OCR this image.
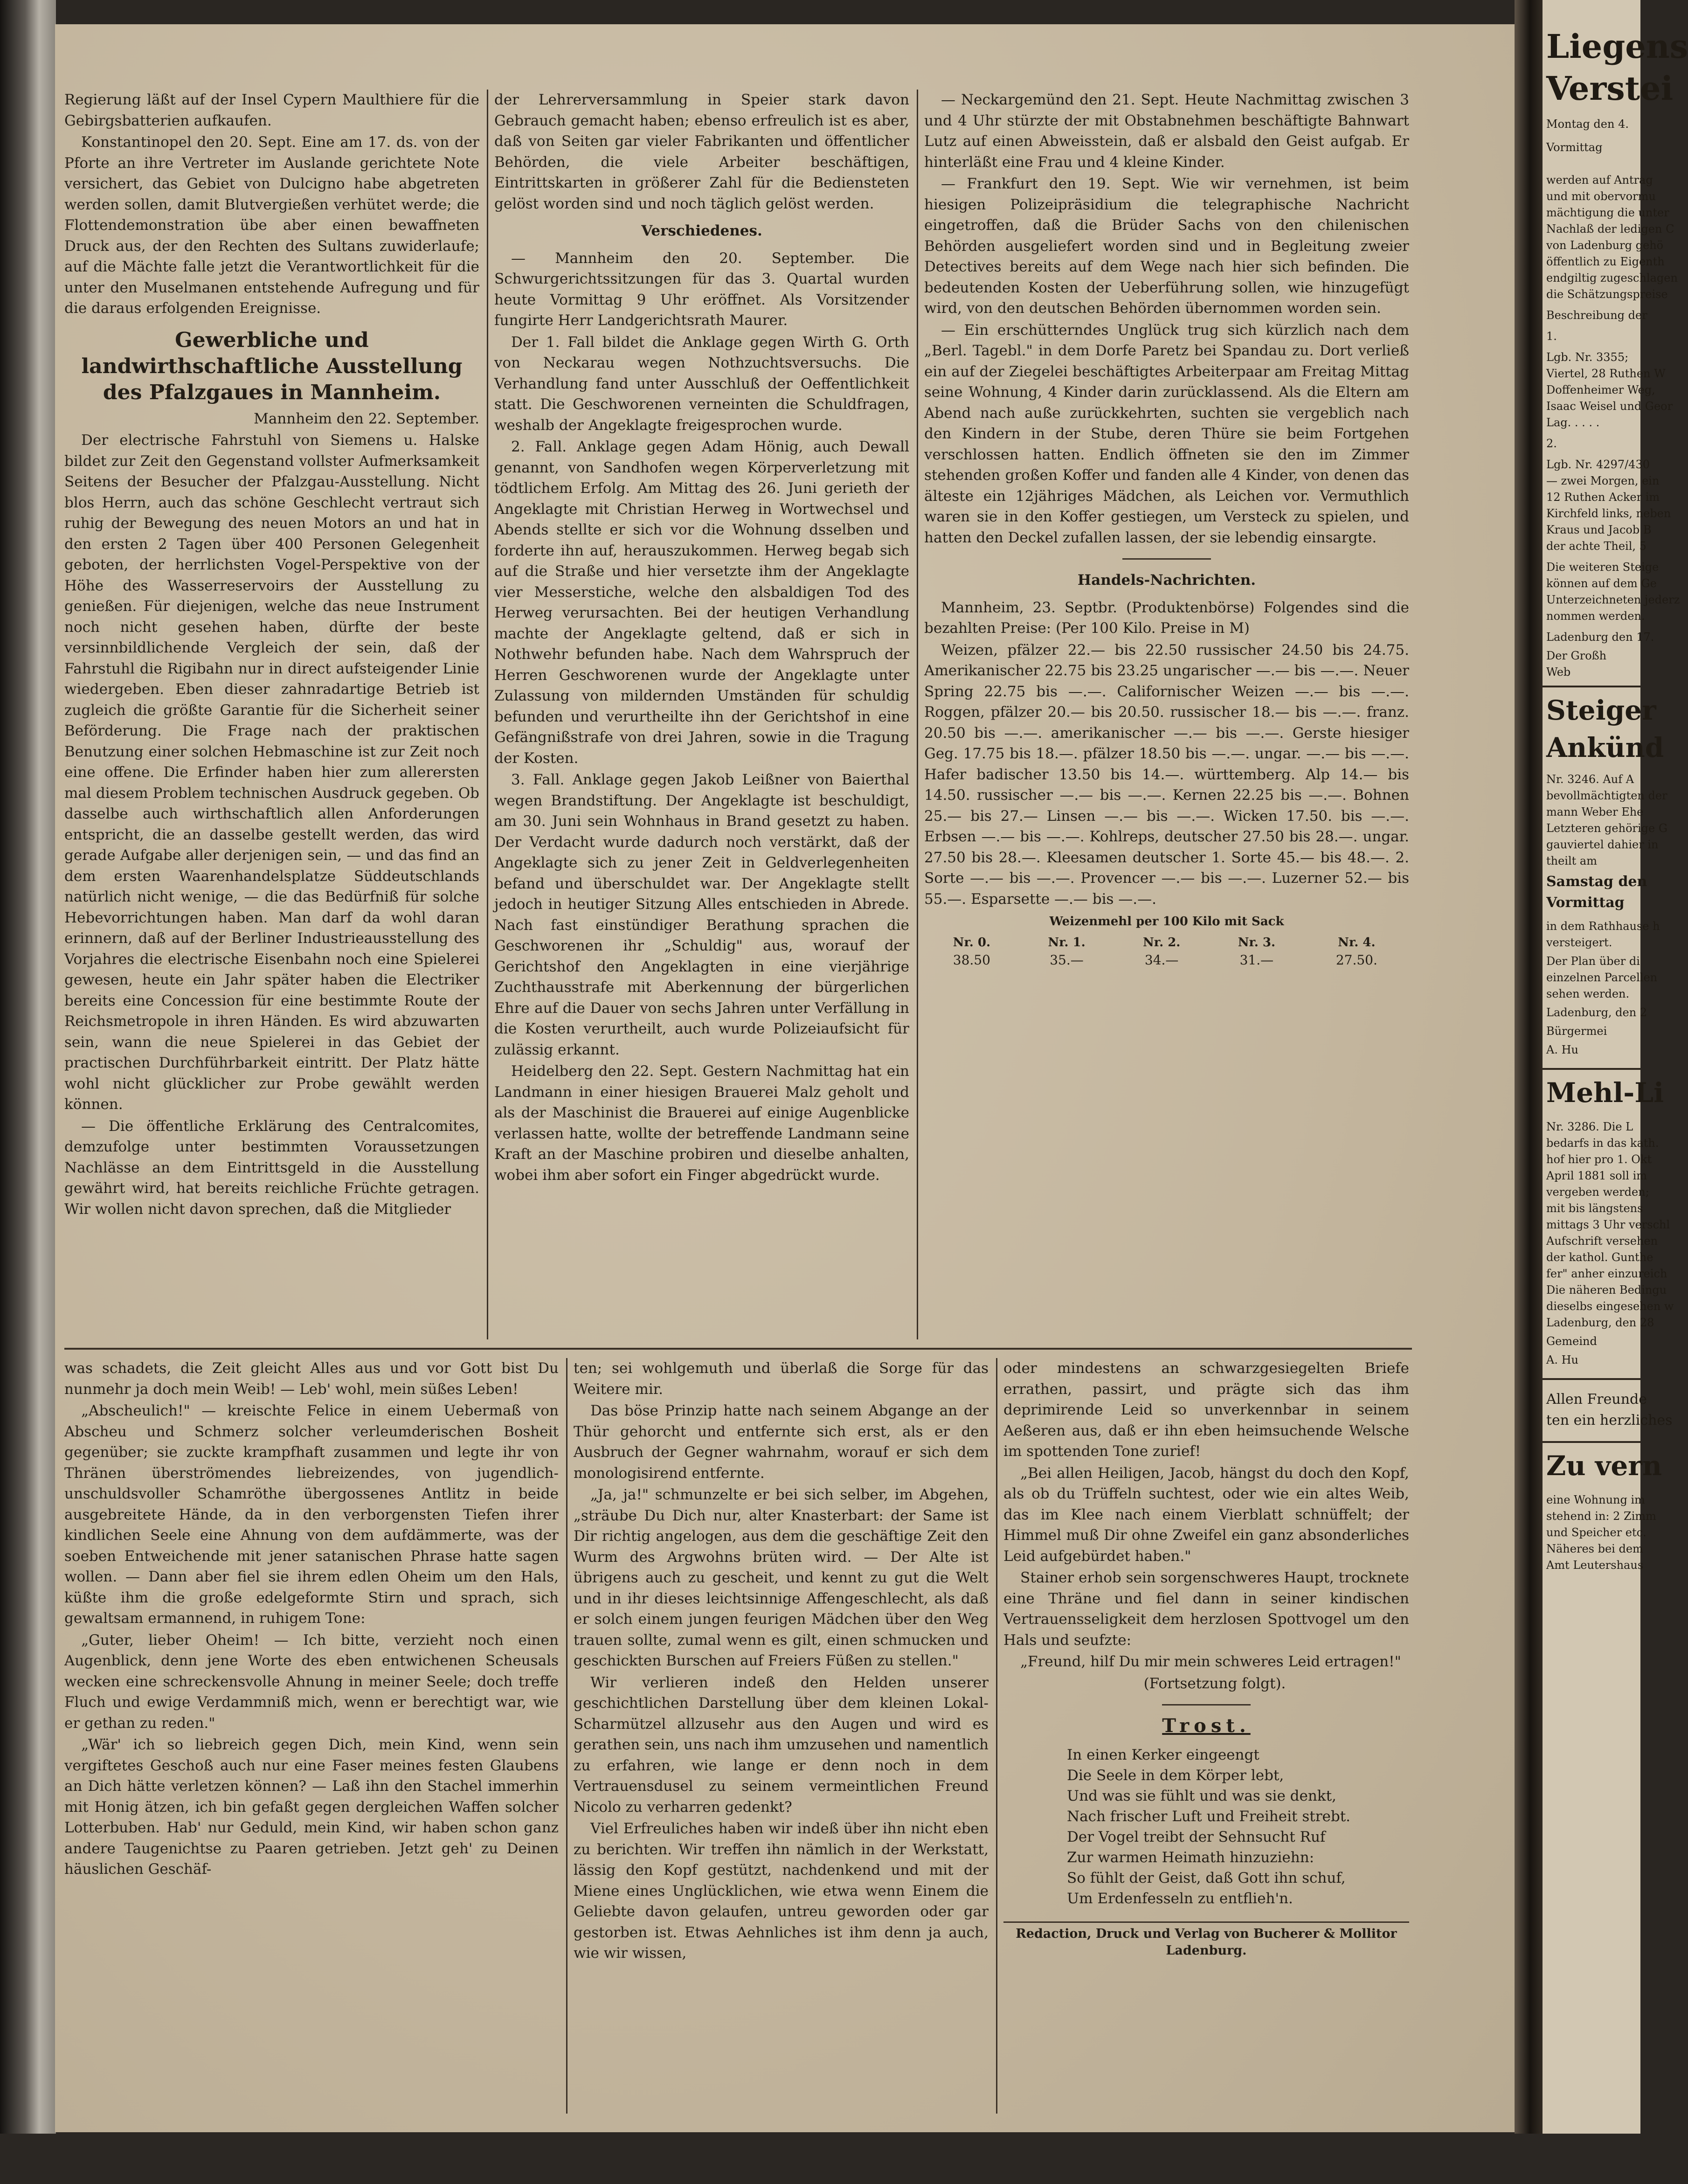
Regierung läßt auf der Insel Cypern Maulthiere für die Gebirgsbatterien aufkaufen.

Konstantinopel den 20. Sept. Eine am 17. ds. von der Pforte an ihre Vertreter im Auslande gerichtete Note versichert, das Gebiet von Dulcigno habe abgetreten werden sollen, damit Blutvergießen verhütet werde; die Flottendemonstration übe aber einen bewaffneten Druck aus, der den Rechten des Sultans zuwiderlaufe; auf die Mächte falle jetzt die Verantwortlichkeit für die unter den Muselmanen entstehende Aufregung und für die daraus erfolgenden Ereignisse.

Gewerbliche und landwirthschaftliche Ausstellung des Pfalzgaues in Mannheim.

Mannheim den 22. September.

Der electrische Fahrstuhl von Siemens u. Halske bildet zur Zeit den Gegenstand vollster Aufmerksamkeit Seitens der Besucher der Pfalzgau-Ausstellung. Nicht blos Herrn, auch das schöne Geschlecht vertraut sich ruhig der Bewegung des neuen Motors an und hat in den ersten 2 Tagen über 400 Personen Gelegenheit geboten, der herrlichsten Vogel-Perspektive von der Höhe des Wasserreservoirs der Ausstellung zu genießen. Für diejenigen, welche das neue Instrument noch nicht gesehen haben, dürfte der beste versinnbildlichende Vergleich der sein, daß der Fahrstuhl die Rigibahn nur in direct aufsteigender Linie wiedergeben. Eben dieser zahnradartige Betrieb ist zugleich die größte Garantie für die Sicherheit seiner Beförderung. Die Frage nach der praktischen Benutzung einer solchen Hebmaschine ist zur Zeit noch eine offene. Die Erfinder haben hier zum allerersten mal diesem Problem technischen Ausdruck gegeben. Ob dasselbe auch wirthschaftlich allen Anforderungen entspricht, die an dasselbe gestellt werden, das wird gerade Aufgabe aller derjenigen sein, — und das find an dem ersten Waarenhandelsplatze Süddeutschlands natürlich nicht wenige, — die das Bedürfniß für solche Hebevorrichtungen haben. Man darf da wohl daran erinnern, daß auf der Berliner Industrieausstellung des Vorjahres die electrische Eisenbahn noch eine Spielerei gewesen, heute ein Jahr später haben die Electriker bereits eine Concession für eine bestimmte Route der Reichsmetropole in ihren Händen. Es wird abzuwarten sein, wann die neue Spielerei in das Gebiet der practischen Durchführbarkeit eintritt. Der Platz hätte wohl nicht glücklicher zur Probe gewählt werden können.

— Die öffentliche Erklärung des Centralcomites, demzufolge unter bestimmten Voraussetzungen Nachlässe an dem Eintrittsgeld in die Ausstellung gewährt wird, hat bereits reichliche Früchte getragen. Wir wollen nicht davon sprechen, daß die Mitglieder

der Lehrerversammlung in Speier stark davon Gebrauch gemacht haben; ebenso erfreulich ist es aber, daß von Seiten gar vieler Fabrikanten und öffentlicher Behörden, die viele Arbeiter beschäftigen, Eintrittskarten in größerer Zahl für die Bediensteten gelöst worden sind und noch täglich gelöst werden.

Verschiedenes.

— Mannheim den 20. September. Die Schwurgerichtssitzungen für das 3. Quartal wurden heute Vormittag 9 Uhr eröffnet. Als Vorsitzender fungirte Herr Landgerichtsrath Maurer.

Der 1. Fall bildet die Anklage gegen Wirth G. Orth von Neckarau wegen Nothzuchtsversuchs. Die Verhandlung fand unter Ausschluß der Oeffentlichkeit statt. Die Geschworenen verneinten die Schuldfragen, weshalb der Angeklagte freigesprochen wurde.

2. Fall. Anklage gegen Adam Hönig, auch Dewall genannt, von Sandhofen wegen Körperverletzung mit tödtlichem Erfolg. Am Mittag des 26. Juni gerieth der Angeklagte mit Christian Herweg in Wortwechsel und Abends stellte er sich vor die Wohnung dsselben und forderte ihn auf, herauszukommen. Herweg begab sich auf die Straße und hier versetzte ihm der Angeklagte vier Messerstiche, welche den alsbaldigen Tod des Herweg verursachten. Bei der heutigen Verhandlung machte der Angeklagte geltend, daß er sich in Nothwehr befunden habe. Nach dem Wahrspruch der Herren Geschworenen wurde der Angeklagte unter Zulassung von mildernden Umständen für schuldig befunden und verurtheilte ihn der Gerichtshof in eine Gefängnißstrafe von drei Jahren, sowie in die Tragung der Kosten.

3. Fall. Anklage gegen Jakob Leißner von Baierthal wegen Brandstiftung. Der Angeklagte ist beschuldigt, am 30. Juni sein Wohnhaus in Brand gesetzt zu haben. Der Verdacht wurde dadurch noch verstärkt, daß der Angeklagte sich zu jener Zeit in Geldverlegenheiten befand und überschuldet war. Der Angeklagte stellt jedoch in heutiger Sitzung Alles entschieden in Abrede. Nach fast einstündiger Berathung sprachen die Geschworenen ihr „Schuldig" aus, worauf der Gerichtshof den Angeklagten in eine vierjährige Zuchthausstrafe mit Aberkennung der bürgerlichen Ehre auf die Dauer von sechs Jahren unter Verfällung in die Kosten verurtheilt, auch wurde Polizeiaufsicht für zulässig erkannt.

Heidelberg den 22. Sept. Gestern Nachmittag hat ein Landmann in einer hiesigen Brauerei Malz geholt und als der Maschinist die Brauerei auf einige Augenblicke verlassen hatte, wollte der betreffende Landmann seine Kraft an der Maschine probiren und dieselbe anhalten, wobei ihm aber sofort ein Finger abgedrückt wurde.

— Neckargemünd den 21. Sept. Heute Nachmittag zwischen 3 und 4 Uhr stürzte der mit Obstabnehmen beschäftigte Bahnwart Lutz auf einen Abweisstein, daß er alsbald den Geist aufgab. Er hinterläßt eine Frau und 4 kleine Kinder.

— Frankfurt den 19. Sept. Wie wir vernehmen, ist beim hiesigen Polizeipräsidium die telegraphische Nachricht eingetroffen, daß die Brüder Sachs von den chilenischen Behörden ausgeliefert worden sind und in Begleitung zweier Detectives bereits auf dem Wege nach hier sich befinden. Die bedeutenden Kosten der Ueberführung sollen, wie hinzugefügt wird, von den deutschen Behörden übernommen worden sein.

— Ein erschütterndes Unglück trug sich kürzlich nach dem „Berl. Tagebl." in dem Dorfe Paretz bei Spandau zu. Dort verließ ein auf der Ziegelei beschäftigtes Arbeiterpaar am Freitag Mittag seine Wohnung, 4 Kinder darin zurücklassend. Als die Eltern am Abend nach auße zurückkehrten, suchten sie vergeblich nach den Kindern in der Stube, deren Thüre sie beim Fortgehen verschlossen hatten. Endlich öffneten sie den im Zimmer stehenden großen Koffer und fanden alle 4 Kinder, von denen das älteste ein 12jähriges Mädchen, als Leichen vor. Vermuthlich waren sie in den Koffer gestiegen, um Versteck zu spielen, und hatten den Deckel zufallen lassen, der sie lebendig einsargte.

Handels-Nachrichten.

Mannheim, 23. Septbr. (Produktenbörse) Folgendes sind die bezahlten Preise: (Per 100 Kilo. Preise in M)

Weizen, pfälzer 22.— bis 22.50 russischer 24.50 bis 24.75. Amerikanischer 22.75 bis 23.25 ungarischer —.— bis —.—. Neuer Spring 22.75 bis —.—. Californischer Weizen —.— bis —.—. Roggen, pfälzer 20.— bis 20.50. russischer 18.— bis —.—. franz. 20.50 bis —.—. amerikanischer —.— bis —.—. Gerste hiesiger Geg. 17.75 bis 18.—. pfälzer 18.50 bis —.—. ungar. —.— bis —.—. Hafer badischer 13.50 bis 14.—. württemberg. Alp 14.— bis 14.50. russischer —.— bis —.—. Kernen 22.25 bis —.—. Bohnen 25.— bis 27.— Linsen —.— bis —.—. Wicken 17.50. bis —.—. Erbsen —.— bis —.—. Kohlreps, deutscher 27.50 bis 28.—. ungar. 27.50 bis 28.—. Kleesamen deutscher 1. Sorte 45.— bis 48.—. 2. Sorte —.— bis —.—. Provencer —.— bis —.—. Luzerner 52.— bis 55.—. Esparsette —.— bis —.—.

Weizenmehl per 100 Kilo mit Sack
Nr. 0.	Nr. 1.	Nr. 2.	Nr. 3.	Nr. 4.
38.50	35.—	34.—	31.—	27.50.

was schadets, die Zeit gleicht Alles aus und vor Gott bist Du nunmehr ja doch mein Weib! — Leb' wohl, mein süßes Leben!

„Abscheulich!" — kreischte Felice in einem Uebermaß von Abscheu und Schmerz solcher verleumderischen Bosheit gegenüber; sie zuckte krampfhaft zusammen und legte ihr von Thränen überströmendes liebreizendes, von jugendlich-unschuldsvoller Schamröthe übergossenes Antlitz in beide ausgebreitete Hände, da in den verborgensten Tiefen ihrer kindlichen Seele eine Ahnung von dem aufdämmerte, was der soeben Entweichende mit jener satanischen Phrase hatte sagen wollen. — Dann aber fiel sie ihrem edlen Oheim um den Hals, küßte ihm die große edelgeformte Stirn und sprach, sich gewaltsam ermannend, in ruhigem Tone:

„Guter, lieber Oheim! — Ich bitte, verzieht noch einen Augenblick, denn jene Worte des eben entwichenen Scheusals wecken eine schreckensvolle Ahnung in meiner Seele; doch treffe Fluch und ewige Verdammniß mich, wenn er berechtigt war, wie er gethan zu reden."

„Wär' ich so liebreich gegen Dich, mein Kind, wenn sein vergiftetes Geschoß auch nur eine Faser meines festen Glaubens an Dich hätte verletzen können? — Laß ihn den Stachel immerhin mit Honig ätzen, ich bin gefaßt gegen dergleichen Waffen solcher Lotterbuben. Hab' nur Geduld, mein Kind, wir haben schon ganz andere Taugenichtse zu Paaren getrieben. Jetzt geh' zu Deinen häuslichen Geschäf-

ten; sei wohlgemuth und überlaß die Sorge für das Weitere mir.

Das böse Prinzip hatte nach seinem Abgange an der Thür gehorcht und entfernte sich erst, als er den Ausbruch der Gegner wahrnahm, worauf er sich dem monologisirend entfernte.

„Ja, ja!" schmunzelte er bei sich selber, im Abgehen, „sträube Du Dich nur, alter Knasterbart: der Same ist Dir richtig angelogen, aus dem die geschäftige Zeit den Wurm des Argwohns brüten wird. — Der Alte ist übrigens auch zu gescheit, und kennt zu gut die Welt und in ihr dieses leichtsinnige Affengeschlecht, als daß er solch einem jungen feurigen Mädchen über den Weg trauen sollte, zumal wenn es gilt, einen schmucken und geschickten Burschen auf Freiers Füßen zu stellen."

Wir verlieren indeß den Helden unserer geschichtlichen Darstellung über dem kleinen Lokal-Scharmützel allzusehr aus den Augen und wird es gerathen sein, uns nach ihm umzusehen und namentlich zu erfahren, wie lange er denn noch in dem Vertrauensdusel zu seinem vermeintlichen Freund Nicolo zu verharren gedenkt?

Viel Erfreuliches haben wir indeß über ihn nicht eben zu berichten. Wir treffen ihn nämlich in der Werkstatt, lässig den Kopf gestützt, nachdenkend und mit der Miene eines Unglücklichen, wie etwa wenn Einem die Geliebte davon gelaufen, untreu geworden oder gar gestorben ist. Etwas Aehnliches ist ihm denn ja auch, wie wir wissen,

oder mindestens an schwarzgesiegelten Briefe errathen, passirt, und prägte sich das ihm deprimirende Leid so unverkennbar in seinem Aeßeren aus, daß er ihn eben heimsuchende Welsche im spottenden Tone zurief!

„Bei allen Heiligen, Jacob, hängst du doch den Kopf, als ob du Trüffeln suchtest, oder wie ein altes Weib, das im Klee nach einem Vierblatt schnüffelt; der Himmel muß Dir ohne Zweifel ein ganz absonderliches Leid aufgebürdet haben."

Stainer erhob sein sorgenschweres Haupt, trocknete eine Thräne und fiel dann in seiner kindischen Vertrauensseligkeit dem herzlosen Spottvogel um den Hals und seufzte:

„Freund, hilf Du mir mein schweres Leid ertragen!"

(Fortsetzung folgt).

Trost.

In einen Kerker eingeengt

Die Seele in dem Körper lebt,

Und was sie fühlt und was sie denkt,

Nach frischer Luft und Freiheit strebt.

Der Vogel treibt der Sehnsucht Ruf

Zur warmen Heimath hinzuziehn:

So fühlt der Geist, daß Gott ihn schuf,

Um Erdenfesseln zu entflieh'n.

Redaction, Druck und Verlag von Bucherer & Mollitor
Ladenburg.
Liegens
Verstei
Montag den 4.
Vormittag
werden auf Antrag
und mit obervormu
mächtigung die unter
Nachlaß der ledigen C
von Ladenburg gehö
öffentlich zu Eigenth
endgiltig zugeschlagen
die Schätzungspreise
Beschreibung der
1.
Lgb. Nr. 3355;
Viertel, 28 Ruthen W
Doffenheimer Weg,
Isaac Weisel und Geor
Lag. . . . .
2.
Lgb. Nr. 4297/430
— zwei Morgen, ein
12 Ruthen Acker im
Kirchfeld links, neben
Kraus und Jacob B
der achte Theil, 5
Die weiteren Steige
können auf dem Ge
Unterzeichneten jederz
nommen werden.
Ladenburg den 17.
Der Großh
Web
Steiger
Ankünd
Nr. 3246. Auf A
bevollmächtigten der
mann Weber Ehe
Letzteren gehörige G
gauviertel dahier in
theilt am
Samstag den
Vormittag
in dem Rathhause h
versteigert.
Der Plan über di
einzelnen Parcellen
sehen werden.
Ladenburg, den 2
Bürgermei
A. Hu
Mehl-Li
Nr. 3286. Die L
bedarfs in das kath.
hof hier pro 1. Okt
April 1881 soll im
vergeben werden;
mit bis längstens
mittags 3 Uhr verschl
Aufschrift versehen
der kathol. Gunthe
fer" anher einzureich
Die näheren Bedingu
dieselbs eingesehen w
Ladenburg, den 28
Gemeind
A. Hu
Allen Freunde
ten ein herzliches
Zu vern
eine Wohnung im
stehend in: 2 Zimm
und Speicher etc.
Näheres bei dem
Amt Leutershaus
